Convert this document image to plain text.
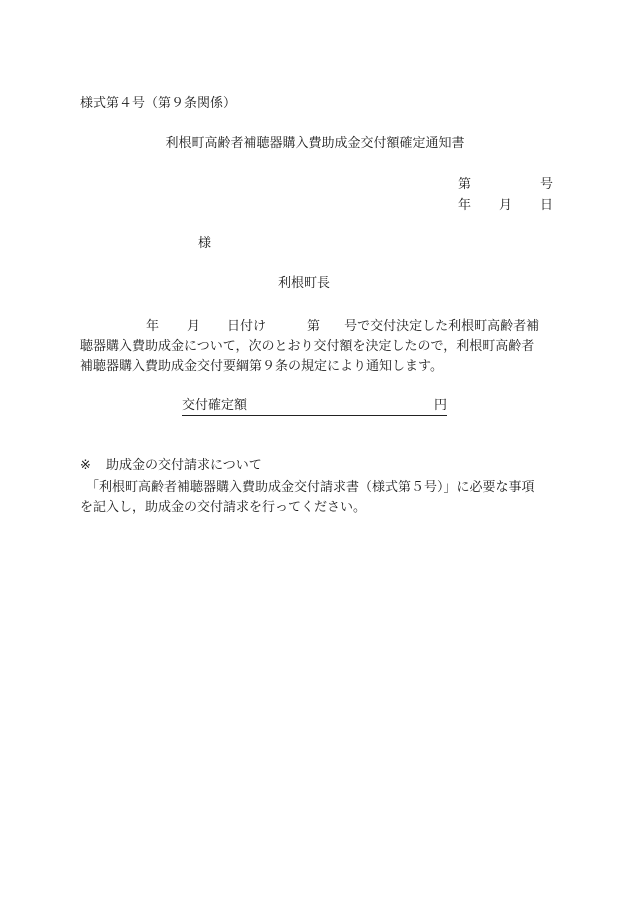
様式第４号（第９条関係）
利根町高齢者補聴器購入費助成金交付額確定通知書
第	号
年 月 日
様
利根町長
年 月 日付け	第 号で交付決定した利根町高齢者補
聴器購入費助成金について，次のとおり交付額を決定したので，利根町高齢者
補聴器購入費助成金交付要綱第９条の規定により通知します。
交付確定額	円
※ 助成金の交付請求について
「利根町高齢者補聴器購入費助成金交付請求書（様式第５号）」に必要な事項
を記入し，助成金の交付請求を行ってください。
